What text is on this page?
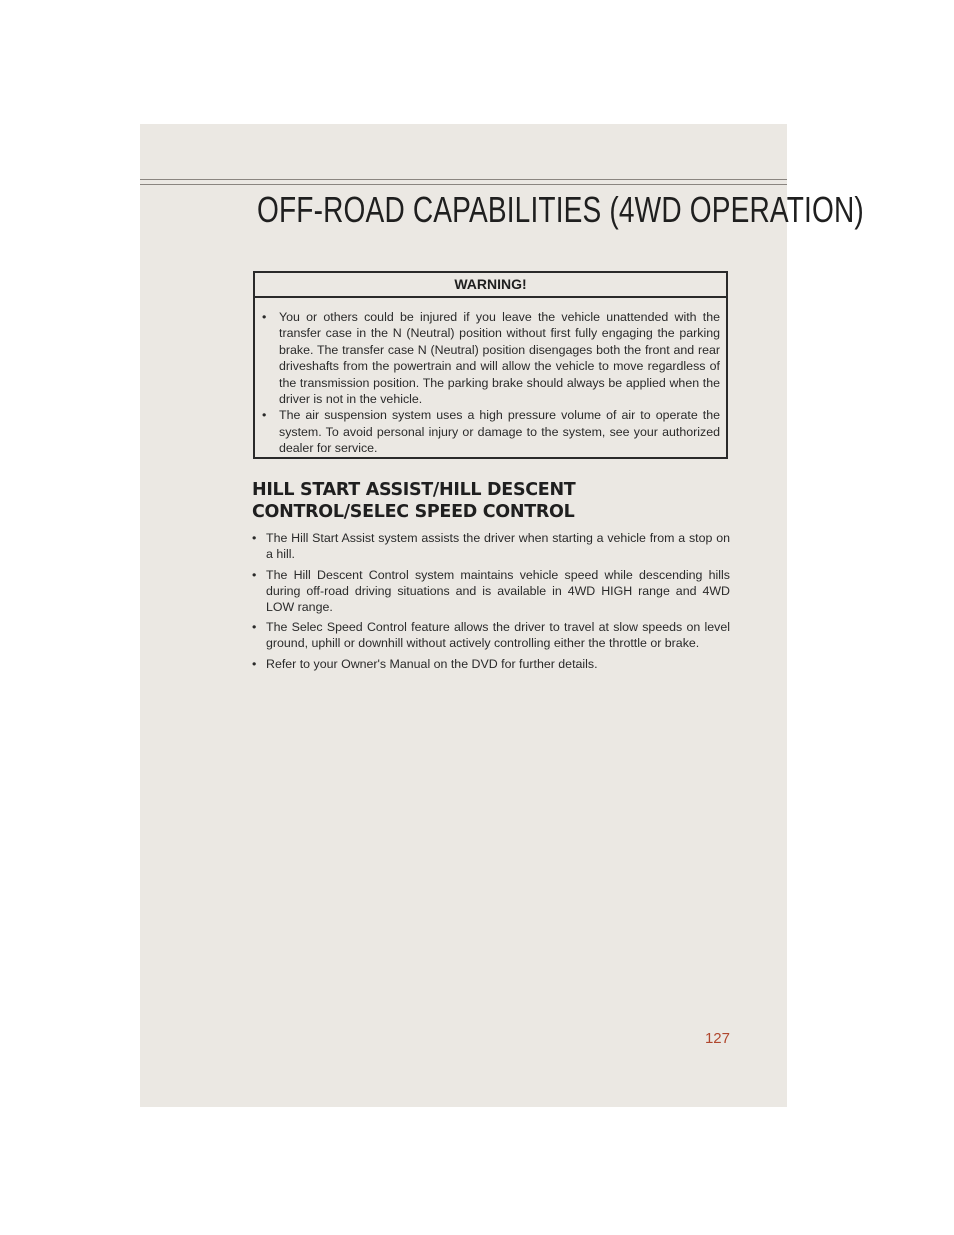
OFF-ROAD CAPABILITIES (4WD OPERATION)
WARNING!
• You or others could be injured if you leave the vehicle unattended with the transfer case in the N (Neutral) position without first fully engaging the parking brake. The transfer case N (Neutral) position disengages both the front and rear driveshafts from the powertrain and will allow the vehicle to move regardless of the transmission position. The parking brake should always be applied when the driver is not in the vehicle.
• The air suspension system uses a high pressure volume of air to operate the system. To avoid personal injury or damage to the system, see your authorized dealer for service.
HILL START ASSIST/HILL DESCENT CONTROL/SELEC SPEED CONTROL
• The Hill Start Assist system assists the driver when starting a vehicle from a stop on a hill.
• The Hill Descent Control system maintains vehicle speed while descending hills during off-road driving situations and is available in 4WD HIGH range and 4WD LOW range.
• The Selec Speed Control feature allows the driver to travel at slow speeds on level ground, uphill or downhill without actively controlling either the throttle or brake.
• Refer to your Owner's Manual on the DVD for further details.
127
